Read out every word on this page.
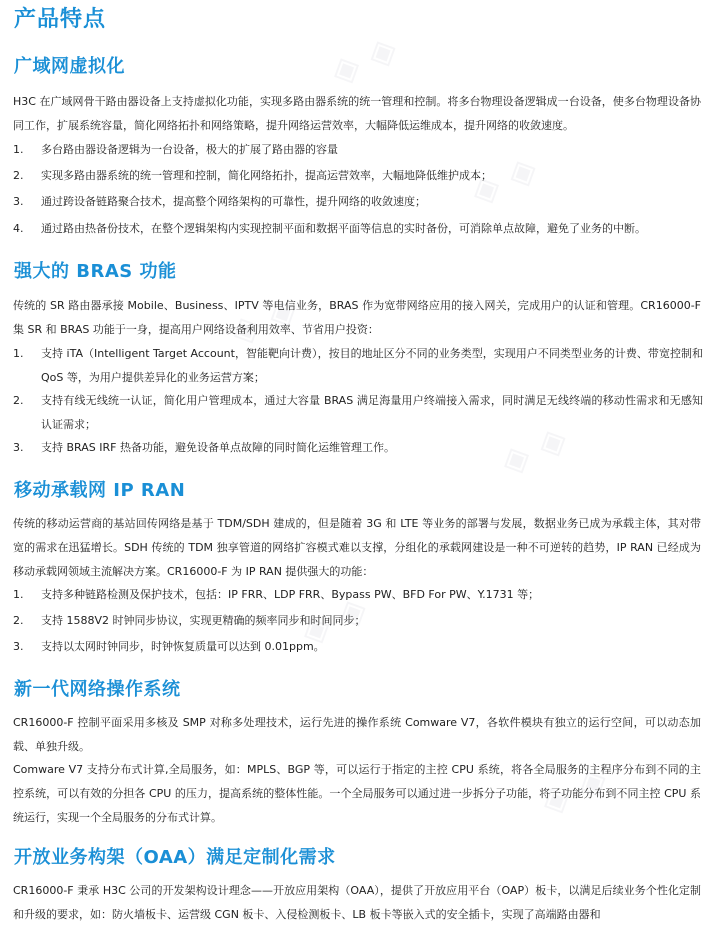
◈ ◈
◈ ◈
◈ ◈
◈ ◈
◈ ◈
◈ ◈
产品特点
广域网虚拟化
H3C 在广域网骨干路由器设备上支持虚拟化功能，实现多路由器系统的统一管理和控制。将多台物理设备逻辑成一台设备，使多台物理设备协同工作，扩展系统容量，简化网络拓扑和网络策略，提升网络运营效率，大幅降低运维成本，提升网络的收敛速度。
1. 多台路由器设备逻辑为一台设备，极大的扩展了路由器的容量
2. 实现多路由器系统的统一管理和控制，简化网络拓扑，提高运营效率，大幅地降低维护成本；
3. 通过跨设备链路聚合技术，提高整个网络架构的可靠性，提升网络的收敛速度；
4. 通过路由热备份技术，在整个逻辑架构内实现控制平面和数据平面等信息的实时备份，可消除单点故障，避免了业务的中断。
强大的 BRAS 功能
传统的 SR 路由器承接 Mobile、Business、IPTV 等电信业务，BRAS 作为宽带网络应用的接入网关，完成用户的认证和管理。CR16000-F 集 SR 和 BRAS 功能于一身，提高用户网络设备利用效率、节省用户投资：
1. 支持 iTA（Intelligent Target Account，智能靶向计费），按目的地址区分不同的业务类型，实现用户不同类型业务的计费、带宽控制和 QoS 等，为用户提供差异化的业务运营方案；
2. 支持有线无线统一认证，简化用户管理成本，通过大容量 BRAS 满足海量用户终端接入需求，同时满足无线终端的移动性需求和无感知认证需求；
3. 支持 BRAS IRF 热备功能，避免设备单点故障的同时简化运维管理工作。
移动承载网 IP RAN
传统的移动运营商的基站回传网络是基于 TDM/SDH 建成的，但是随着 3G 和 LTE 等业务的部署与发展，数据业务已成为承载主体，其对带宽的需求在迅猛增长。SDH 传统的 TDM 独享管道的网络扩容模式难以支撑，分组化的承载网建设是一种不可逆转的趋势，IP RAN 已经成为移动承载网领域主流解决方案。CR16000-F 为 IP RAN 提供强大的功能：
1. 支持多种链路检测及保护技术，包括：IP FRR、LDP FRR、Bypass PW、BFD For PW、Y.1731 等；
2. 支持 1588V2 时钟同步协议，实现更精确的频率同步和时间同步；
3. 支持以太网时钟同步，时钟恢复质量可以达到 0.01ppm。
新一代网络操作系统
CR16000-F 控制平面采用多核及 SMP 对称多处理技术，运行先进的操作系统 Comware V7，各软件模块有独立的运行空间，可以动态加载、单独升级。
Comware V7 支持分布式计算,全局服务，如：MPLS、BGP 等，可以运行于指定的主控 CPU 系统，将各全局服务的主程序分布到不同的主控系统，可以有效的分担各 CPU 的压力，提高系统的整体性能。一个全局服务可以通过进一步拆分子功能，将子功能分布到不同主控 CPU 系统运行，实现一个全局服务的分布式计算。
开放业务构架（OAA）满足定制化需求
CR16000-F 秉承 H3C 公司的开发架构设计理念——开放应用架构（OAA），提供了开放应用平台（OAP）板卡，以满足后续业务个性化定制和升级的要求，如：防火墙板卡、运营级 CGN 板卡、入侵检测板卡、LB 板卡等嵌入式的安全插卡，实现了高端路由器和
